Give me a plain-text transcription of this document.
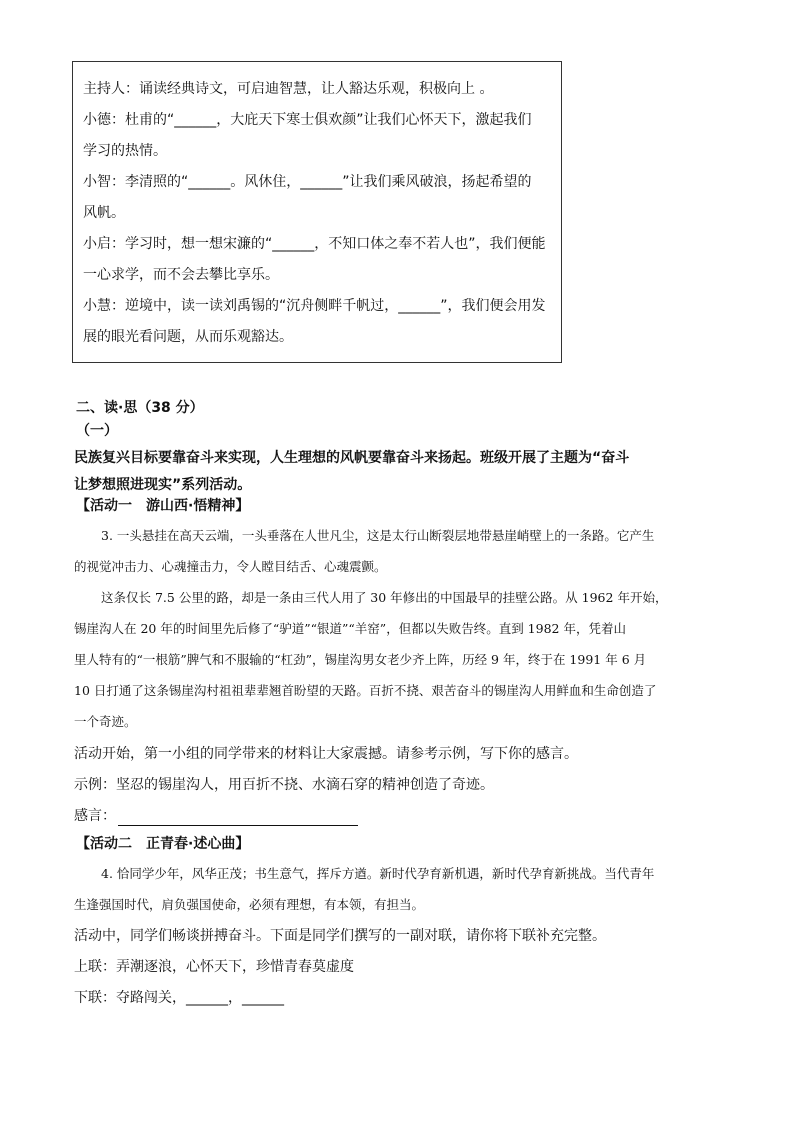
主持人：诵读经典诗文，可启迪智慧，让人豁达乐观，积极向上 。
小德：杜甫的“______，大庇天下寒士俱欢颜”让我们心怀天下，激起我们
学习的热情。
小智：李清照的“______。风休住，______”让我们乘风破浪，扬起希望的
风帆。
小启：学习时，想一想宋濂的“______，不知口体之奉不若人也”，我们便能
一心求学，而不会去攀比享乐。
小慧：逆境中，读一读刘禹锡的“沉舟侧畔千帆过，______”，我们便会用发
展的眼光看问题，从而乐观豁达。
二、读·思（38 分）
（一）
民族复兴目标要靠奋斗来实现，人生理想的风帆要靠奋斗来扬起。班级开展了主题为“奋斗
让梦想照进现实”系列活动。
【活动一　游山西·悟精神】
3. 一头悬挂在高天云端，一头垂落在人世凡尘，这是太行山断裂层地带悬崖峭壁上的一条路。它产生
的视觉冲击力、心魂撞击力，令人瞠目结舌、心魂震颤。
这条仅长 7.5 公里的路，却是一条由三代人用了 30 年修出的中国最早的挂壁公路。从 1962 年开始，
锡崖沟人在 20 年的时间里先后修了“驴道”“银道”“羊窑”，但都以失败告终。直到 1982 年，凭着山
里人特有的“一根筋”脾气和不服输的“杠劲”，锡崖沟男女老少齐上阵，历经 9 年，终于在 1991 年 6 月
10 日打通了这条锡崖沟村祖祖辈辈翘首盼望的天路。百折不挠、艰苦奋斗的锡崖沟人用鲜血和生命创造了
一个奇迹。
活动开始，第一小组的同学带来的材料让大家震撼。请参考示例，写下你的感言。
示例：坚忍的锡崖沟人，用百折不挠、水滴石穿的精神创造了奇迹。
感言：
【活动二　正青春·述心曲】
4. 恰同学少年，风华正茂；书生意气，挥斥方遒。新时代孕育新机遇，新时代孕育新挑战。当代青年
生逢强国时代，肩负强国使命，必须有理想，有本领，有担当。
活动中，同学们畅谈拼搏奋斗。下面是同学们撰写的一副对联，请你将下联补充完整。
上联：弄潮逐浪，心怀天下，珍惜青春莫虚度
下联：夺路闯关，______，______
